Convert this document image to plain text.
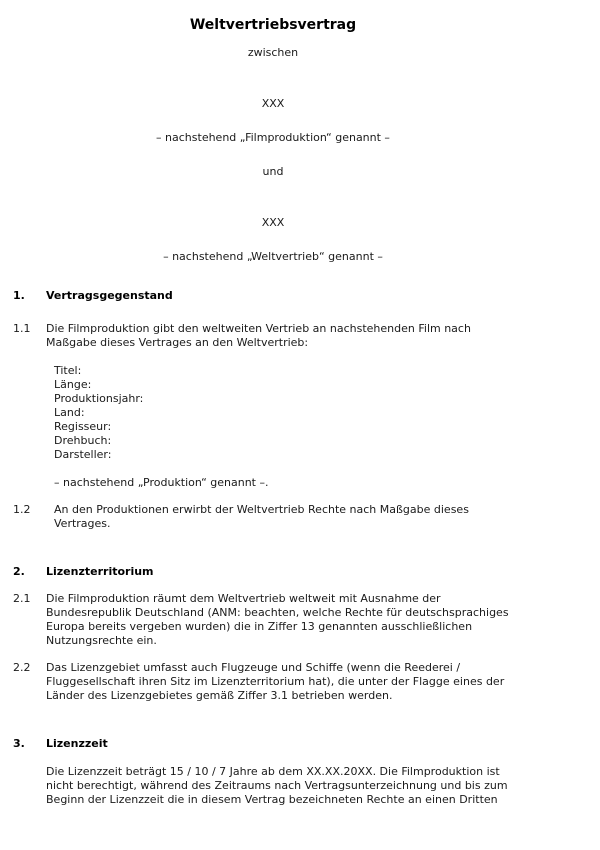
Weltvertriebsvertrag

zwischen

XXX

– nachstehend „Filmproduktion“ genannt –

und

XXX

– nachstehend „Weltvertrieb“ genannt –

1. Vertragsgegenstand

1.1 Die Filmproduktion gibt den weltweiten Vertrieb an nachstehenden Film nach
Maßgabe dieses Vertrages an den Weltvertrieb:
Titel:
Länge:
Produktionsjahr:
Land:
Regisseur:
Drehbuch:
Darsteller:

– nachstehend „Produktion“ genannt –.

1.2 An den Produktionen erwirbt der Weltvertrieb Rechte nach Maßgabe dieses
Vertrages.

2. Lizenzterritorium

2.1 Die Filmproduktion räumt dem Weltvertrieb weltweit mit Ausnahme der
Bundesrepublik Deutschland (ANM: beachten, welche Rechte für deutschsprachiges
Europa bereits vergeben wurden) die in Ziffer 13 genannten ausschließlichen
Nutzungsrechte ein.

2.2 Das Lizenzgebiet umfasst auch Flugzeuge und Schiffe (wenn die Reederei /
Fluggesellschaft ihren Sitz im Lizenzterritorium hat), die unter der Flagge eines der
Länder des Lizenzgebietes gemäß Ziffer 3.1 betrieben werden.

3. Lizenzzeit

Die Lizenzzeit beträgt 15 / 10 / 7 Jahre ab dem XX.XX.20XX. Die Filmproduktion ist
nicht berechtigt, während des Zeitraums nach Vertragsunterzeichnung und bis zum
Beginn der Lizenzzeit die in diesem Vertrag bezeichneten Rechte an einen Dritten
